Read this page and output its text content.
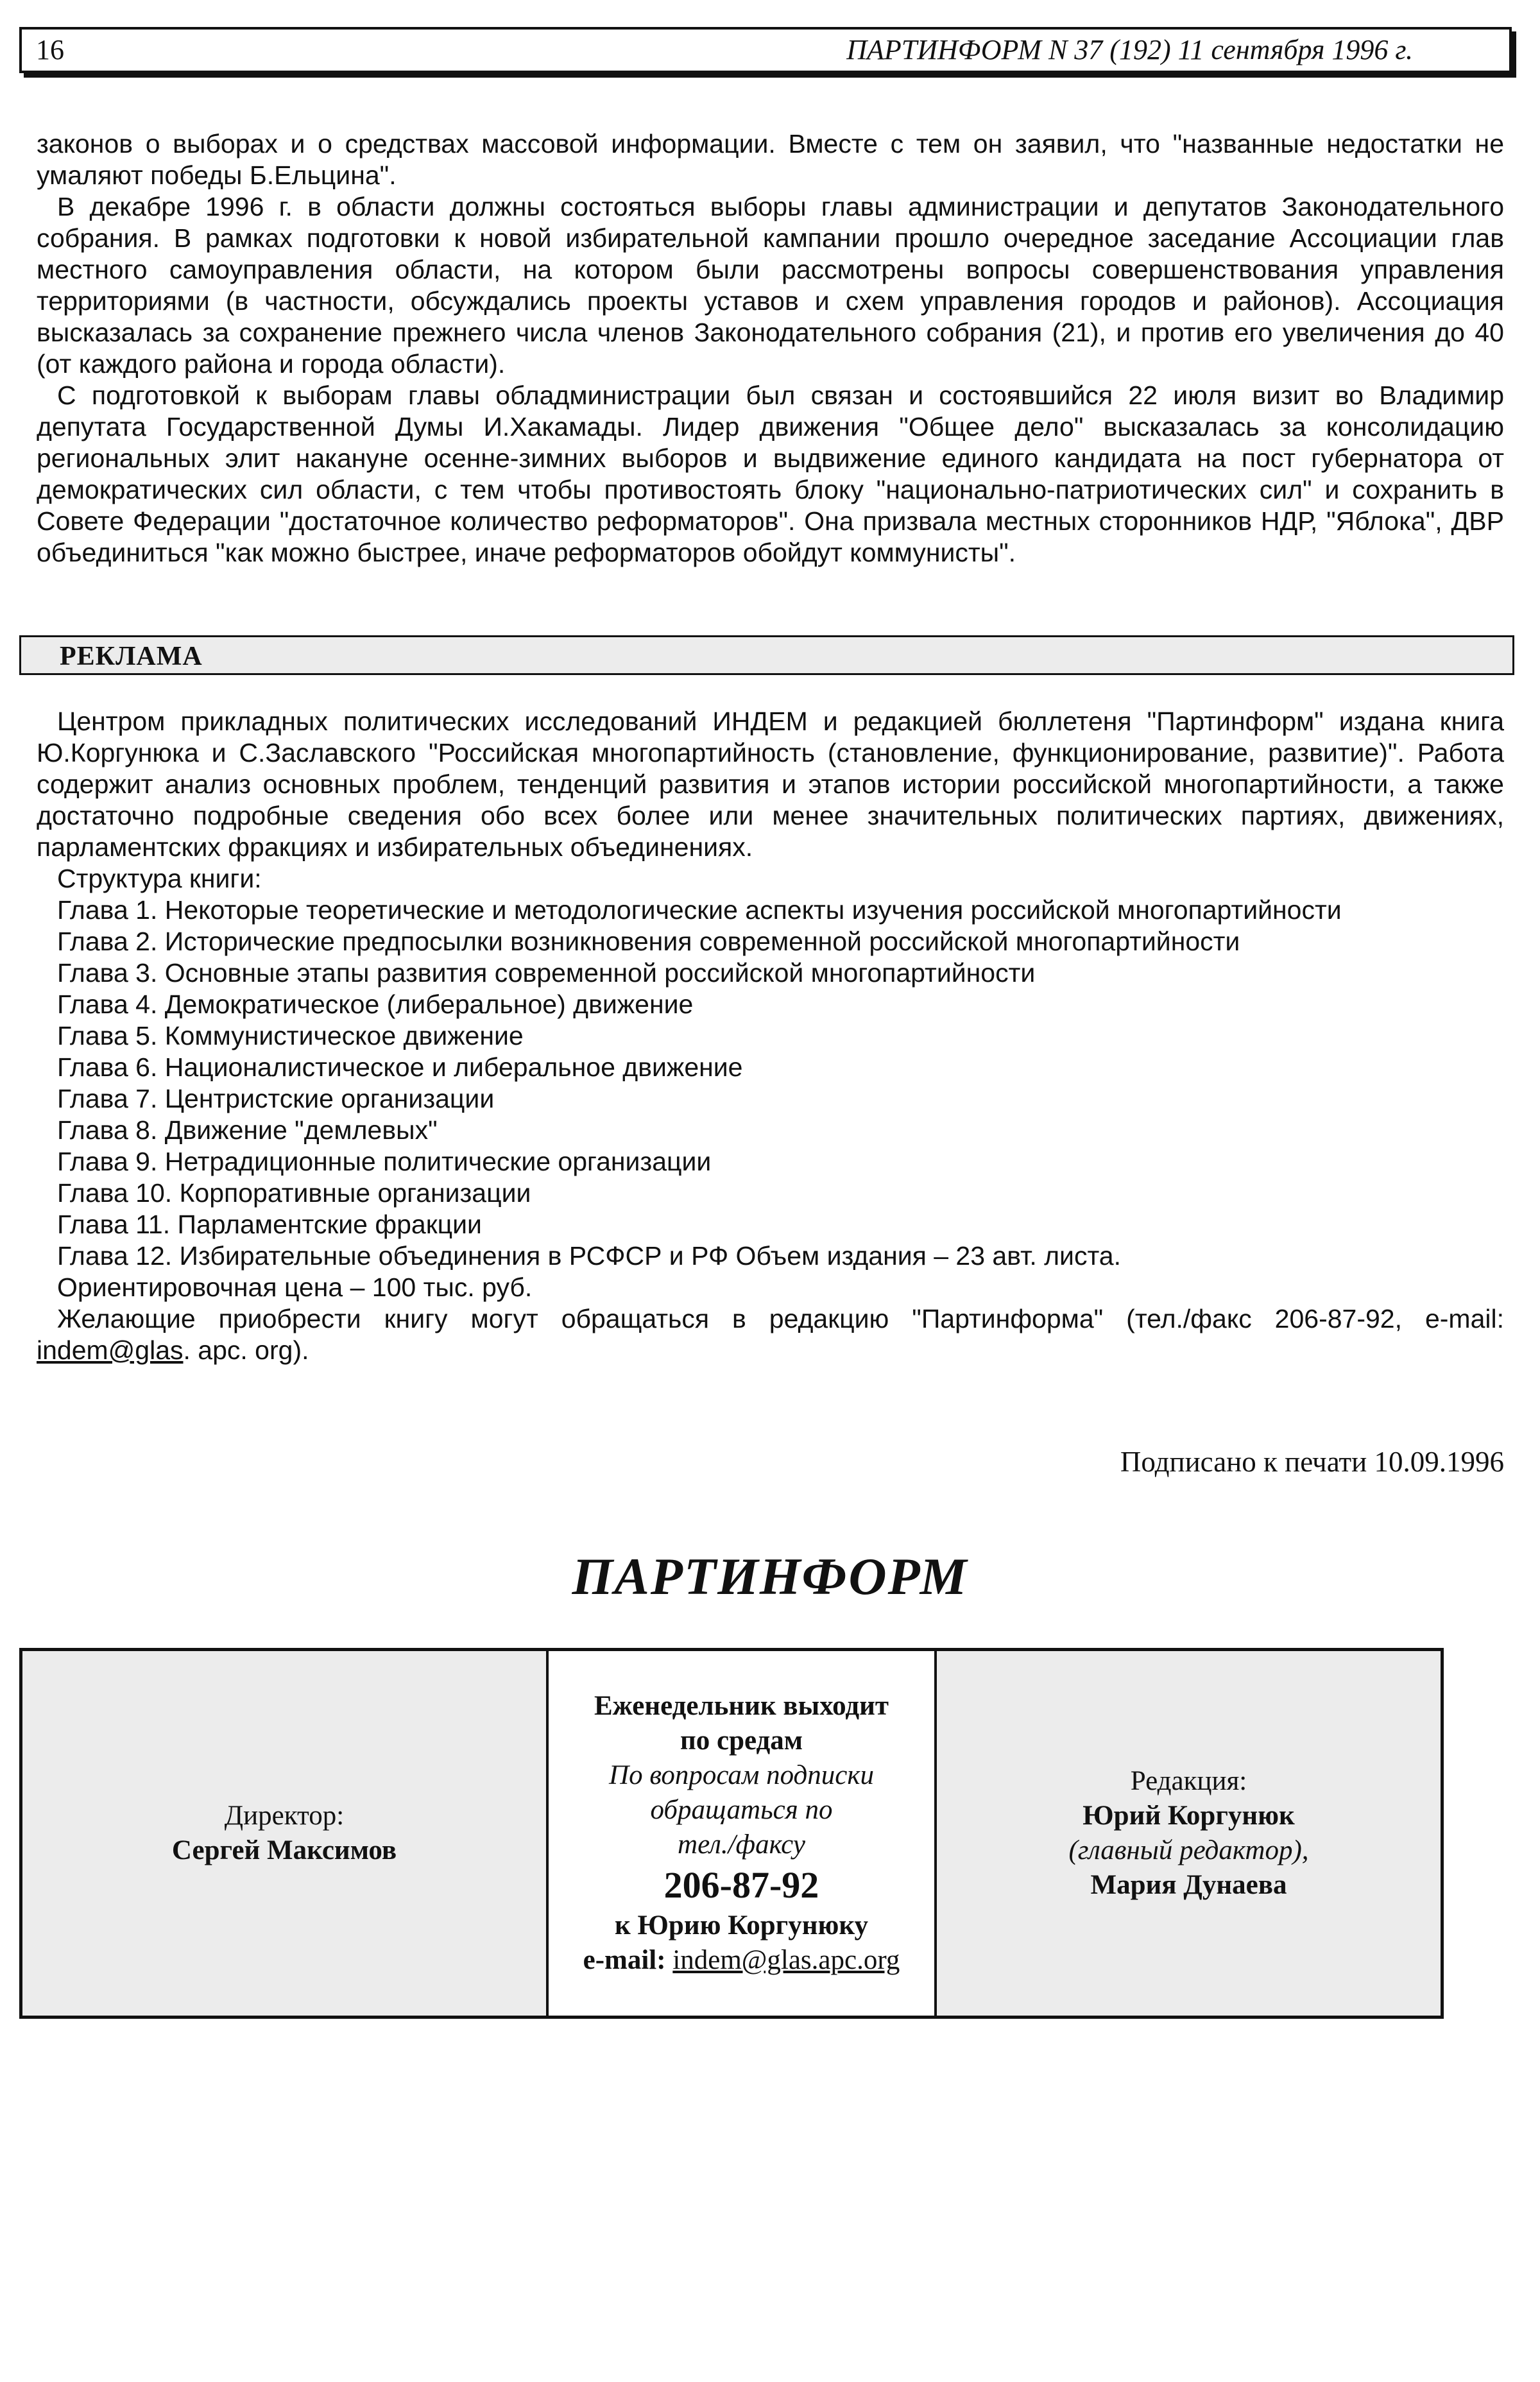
16	ПАРТИНФОРМ N 37 (192) 11 сентября 1996 г.

законов о выборах и о средствах массовой информации. Вместе с тем он заявил, что "названные недостатки не умаляют победы Б.Ельцина".

В декабре 1996 г. в области должны состояться выборы главы администрации и депутатов Законодательного собрания. В рамках подготовки к новой избирательной кампании прошло очередное заседание Ассоциации глав местного самоуправления области, на котором были рассмотрены вопросы совершенствования управления территориями (в частности, обсуждались проекты уставов и схем управления городов и районов). Ассоциация высказалась за сохранение прежнего числа членов Законодательного собрания (21), и против его увеличения до 40 (от каждого района и города области).

С подготовкой к выборам главы обладминистрации был связан и состоявшийся 22 июля визит во Владимир депутата Государственной Думы И.Хакамады. Лидер движения "Общее дело" высказалась за консолидацию региональных элит накануне осенне-зимних выборов и выдвижение единого кандидата на пост губернатора от демократических сил области, с тем чтобы противостоять блоку "национально-патриотических сил" и сохранить в Совете Федерации "достаточное количество реформаторов". Она призвала местных сторонников НДР, "Яблока", ДВР объединиться "как можно быстрее, иначе реформаторов обойдут коммунисты".

РЕКЛАМА

Центром прикладных политических исследований ИНДЕМ и редакцией бюллетеня "Партинформ" издана книга Ю.Коргунюка и С.Заславского "Российская многопартийность (становление, функционирование, развитие)". Работа содержит анализ основных проблем, тенденций развития и этапов истории российской многопартийности, а также достаточно подробные сведения обо всех более или менее значительных политических партиях, движениях, парламентских фракциях и избирательных объединениях.

Структура книги:

Глава 1. Некоторые теоретические и методологические аспекты изучения российской многопартийности

Глава 2. Исторические предпосылки возникновения современной российской многопартийности

Глава 3. Основные этапы развития современной российской многопартийности

Глава 4. Демократическое (либеральное) движение

Глава 5. Коммунистическое движение

Глава 6. Националистическое и либеральное движение

Глава 7. Центристские организации

Глава 8. Движение "демлевых"

Глава 9. Нетрадиционные политические организации

Глава 10. Корпоративные организации

Глава 11. Парламентские фракции

Глава 12. Избирательные объединения в РСФСР и РФ Объем издания – 23 авт. листа.

Ориентировочная цена – 100 тыс. руб.

Желающие приобрести книгу могут обращаться в редакцию "Партинформа" (тел./факс 206-87-92, e-mail: indem@glas. apc. org).

Подписано к печати 10.09.1996
ПАРТИНФОРМ
Директор:
Сергей Максимов
Еженедельник выходит
по средам
По вопросам подписки
обращаться по
тел./факсу
206-87-92
к Юрию Коргунюку
e-mail: indem@glas.apc.org
Редакция:
Юрий Коргунюк
(главный редактор),
Мария Дунаева
